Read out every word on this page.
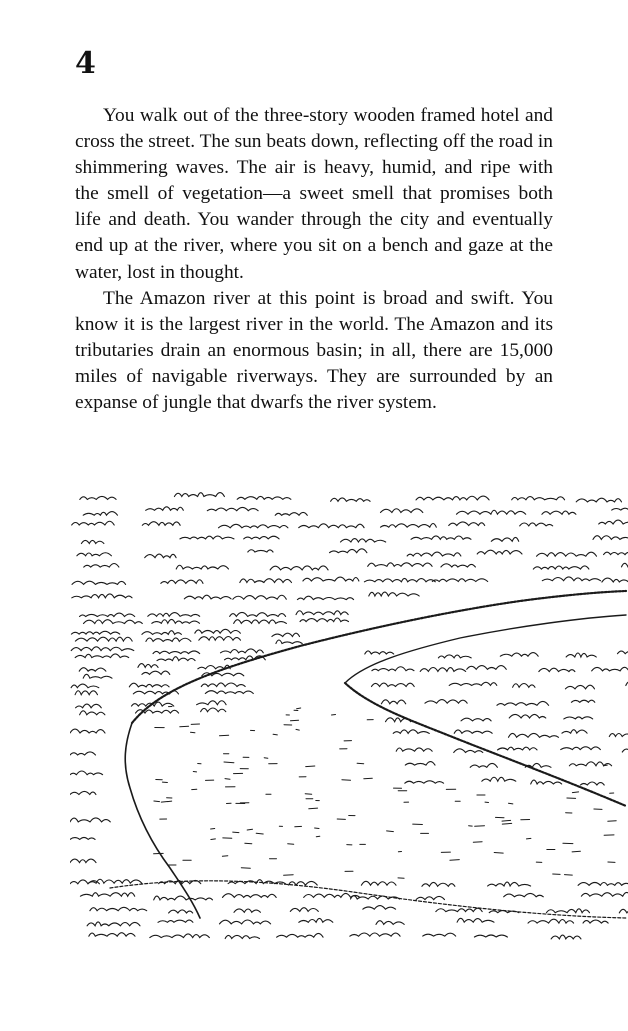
4

You walk out of the three-story wooden framed hotel and cross the street. The sun beats down, reflecting off the road in shimmering waves. The air is heavy, humid, and ripe with the smell of vegetation—a sweet smell that promises both life and death. You wander through the city and eventually end up at the river, where you sit on a bench and gaze at the water, lost in thought.

The Amazon river at this point is broad and swift. You know it is the largest river in the world. The Amazon and its tributaries drain an enormous basin; in all, there are 15,000 miles of navigable riverways. They are surrounded by an expanse of jungle that dwarfs the river system.
